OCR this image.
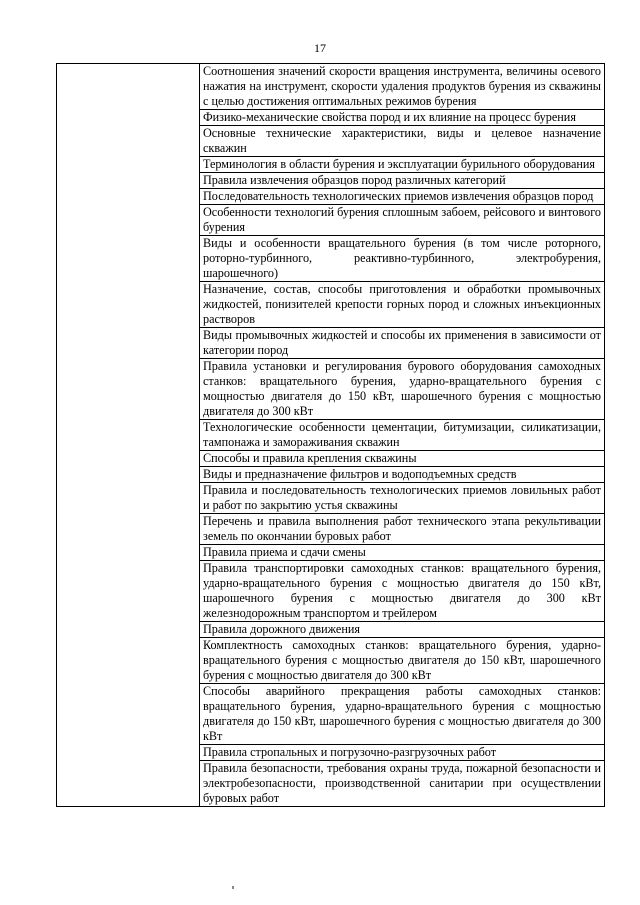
17

Соотношения значений скорости вращения инструмента, величины осевого нажатия на инструмент, скорости удаления продуктов бурения из скважины с целью достижения оптимальных режимов бурения

Физико-механические свойства пород и их влияние на процесс бурения

Основные технические характеристики, виды и целевое назначение скважин

Терминология в области бурения и эксплуатации бурильного оборудования

Правила извлечения образцов пород различных категорий

Последовательность технологических приемов извлечения образцов пород

Особенности технологий бурения сплошным забоем, рейсового и винтового бурения

Виды и особенности вращательного бурения (в том числе роторного, роторно-турбинного, реактивно-турбинного, электробурения, шарошечного)

Назначение, состав, способы приготовления и обработки промывочных жидкостей, понизителей крепости горных пород и сложных инъекционных растворов

Виды промывочных жидкостей и способы их применения в зависимости от категории пород

Правила установки и регулирования бурового оборудования самоходных станков: вращательного бурения, ударно-вращательного бурения с мощностью двигателя до 150 кВт, шарошечного бурения с мощностью двигателя до 300 кВт

Технологические особенности цементации, битумизации, силикатизации, тампонажа и замораживания скважин

Способы и правила крепления скважины

Виды и предназначение фильтров и водоподъемных средств

Правила и последовательность технологических приемов ловильных работ и работ по закрытию устья скважины

Перечень и правила выполнения работ технического этапа рекультивации земель по окончании буровых работ

Правила приема и сдачи смены

Правила транспортировки самоходных станков: вращательного бурения, ударно-вращательного бурения с мощностью двигателя до 150 кВт, шарошечного бурения с мощностью двигателя до 300 кВт железнодорожным транспортом и трейлером

Правила дорожного движения

Комплектность самоходных станков: вращательного бурения, ударно-вращательного бурения с мощностью двигателя до 150 кВт, шарошечного бурения с мощностью двигателя до 300 кВт

Способы аварийного прекращения работы самоходных станков: вращательного бурения, ударно-вращательного бурения с мощностью двигателя до 150 кВт, шарошечного бурения с мощностью двигателя до 300 кВт

Правила стропальных и погрузочно-разгрузочных работ

Правила безопасности, требования охраны труда, пожарной безопасности и электробезопасности, производственной санитарии при осуществлении буровых работ
